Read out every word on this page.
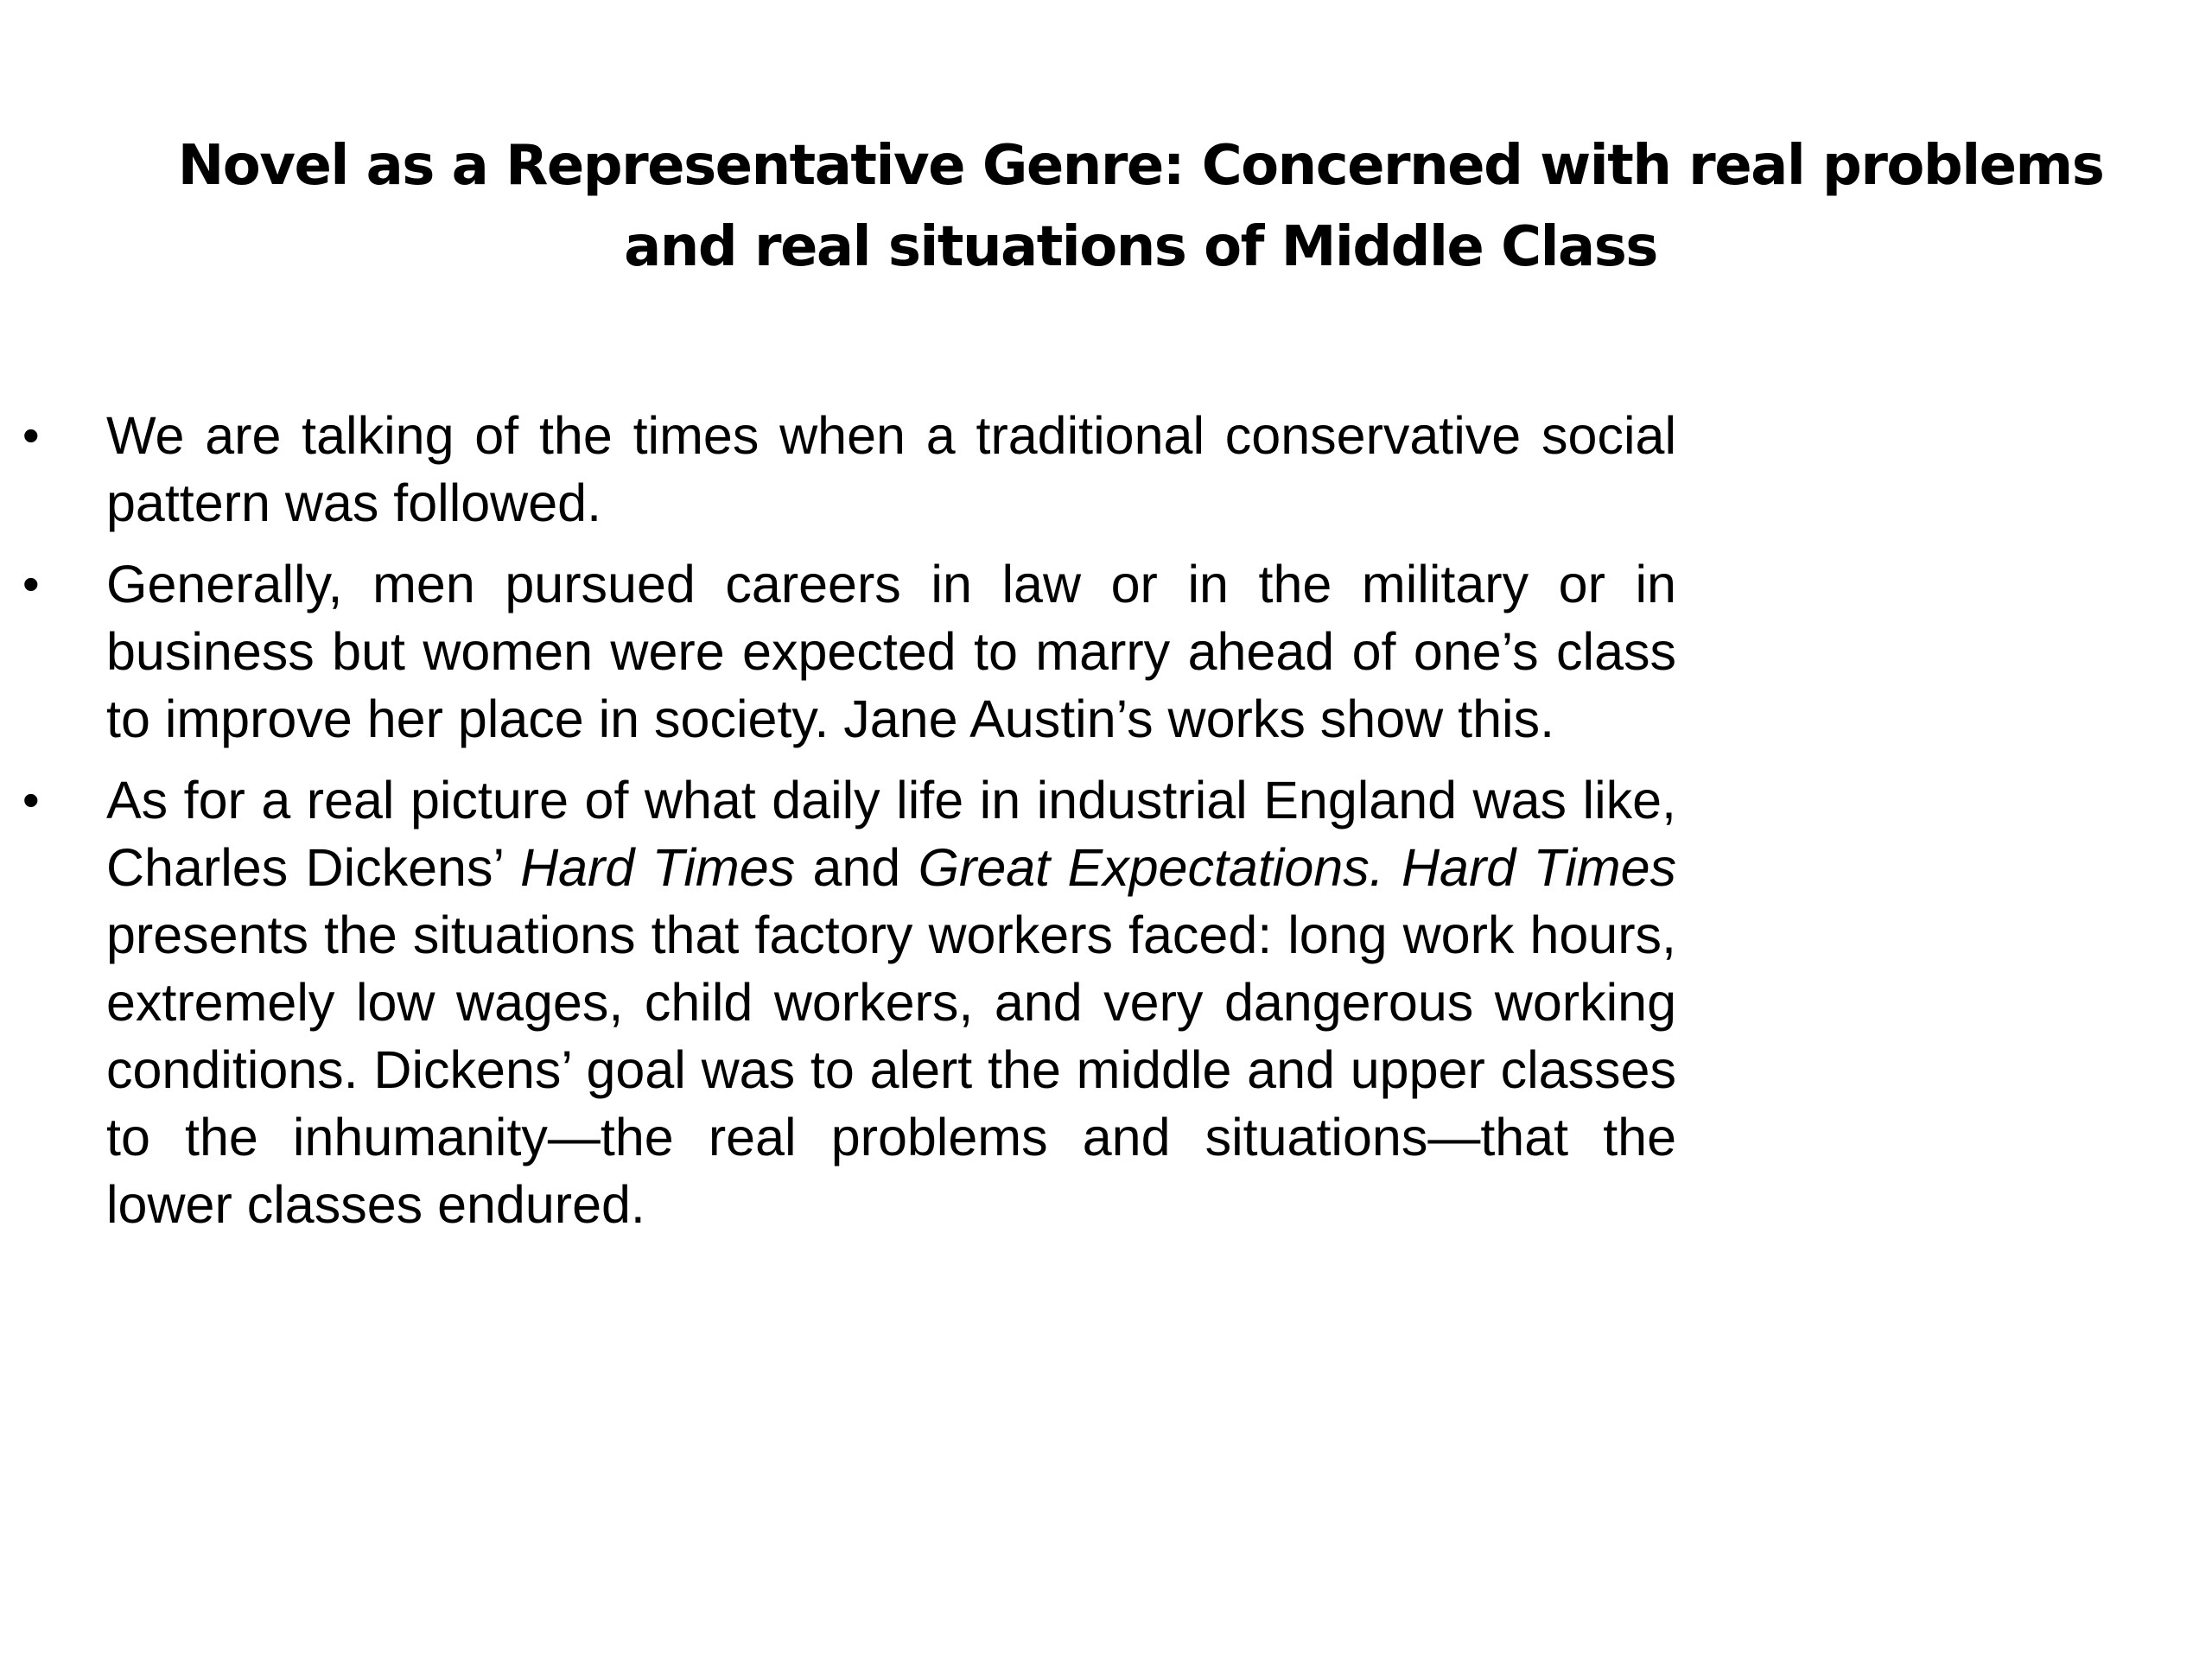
Novel as a Representative Genre: Concerned with real problems
and real situations of Middle Class
• We are talking of the times when a traditional conservative social pattern was followed.
• Generally, men pursued careers in law or in the military or in business but women were expected to marry ahead of one’s class to improve her place in society. Jane Austin’s works show this.
• As for a real picture of what daily life in industrial England was like, Charles Dickens’ Hard Times and Great Expectations. Hard Times presents the situations that factory workers faced: long work hours, extremely low wages, child workers, and very dangerous working conditions. Dickens’ goal was to alert the middle and upper classes to the inhumanity—the real problems and situations—that the lower classes endured.
